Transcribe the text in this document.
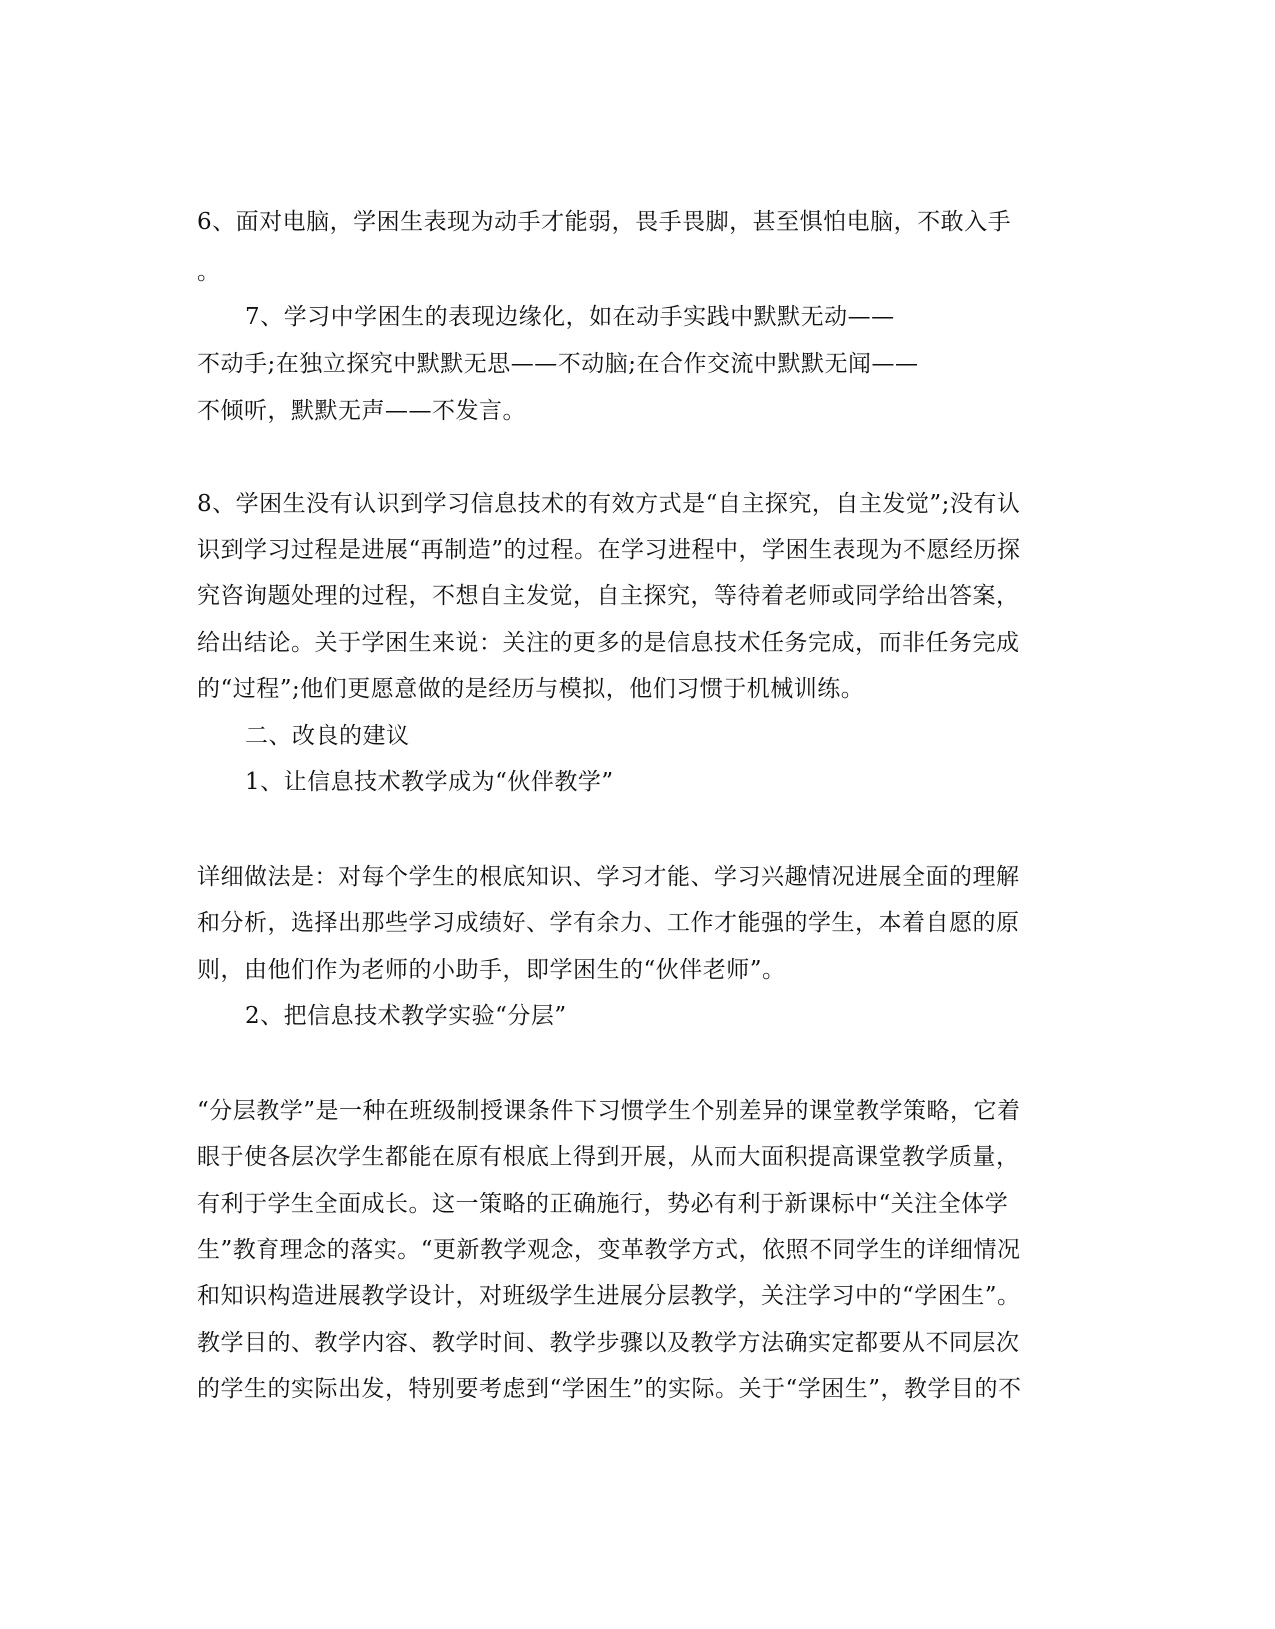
6、面对电脑，学困生表现为动手才能弱，畏手畏脚，甚至惧怕电脑，不敢入手
。
7、学习中学困生的表现边缘化，如在动手实践中默默无动——
不动手;在独立探究中默默无思——不动脑;在合作交流中默默无闻——
不倾听，默默无声——不发言。
8、学困生没有认识到学习信息技术的有效方式是“自主探究，自主发觉”;没有认
识到学习过程是进展“再制造”的过程。在学习进程中，学困生表现为不愿经历探
究咨询题处理的过程，不想自主发觉，自主探究，等待着老师或同学给出答案，
给出结论。关于学困生来说：关注的更多的是信息技术任务完成，而非任务完成
的“过程”;他们更愿意做的是经历与模拟，他们习惯于机械训练。
二、改良的建议
1、让信息技术教学成为“伙伴教学”
详细做法是：对每个学生的根底知识、学习才能、学习兴趣情况进展全面的理解
和分析，选择出那些学习成绩好、学有余力、工作才能强的学生，本着自愿的原
则，由他们作为老师的小助手，即学困生的“伙伴老师”。
2、把信息技术教学实验“分层”
“分层教学”是一种在班级制授课条件下习惯学生个别差异的课堂教学策略，它着
眼于使各层次学生都能在原有根底上得到开展，从而大面积提高课堂教学质量，
有利于学生全面成长。这一策略的正确施行，势必有利于新课标中“关注全体学
生”教育理念的落实。“更新教学观念，变革教学方式，依照不同学生的详细情况
和知识构造进展教学设计，对班级学生进展分层教学，关注学习中的“学困生”。
教学目的、教学内容、教学时间、教学步骤以及教学方法确实定都要从不同层次
的学生的实际出发，特别要考虑到“学困生”的实际。关于“学困生”，教学目的不
